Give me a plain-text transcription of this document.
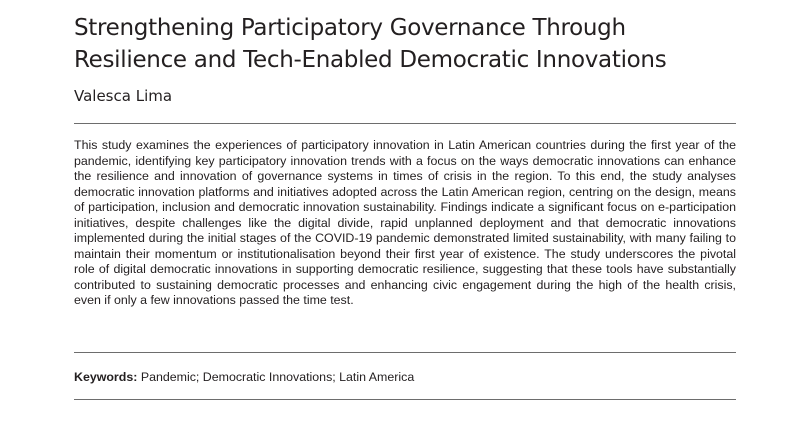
Strengthening Participatory Governance Through
Resilience and Tech-Enabled Democratic Innovations

Valesca Lima

This study examines the experiences of participatory innovation in Latin American countries during the first year of the pandemic, identifying key participatory innovation trends with a focus on the ways democratic innovations can enhance the resilience and innovation of governance systems in times of crisis in the region. To this end, the study analyses democratic innovation platforms and initiatives adopted across the Latin American region, centring on the design, means of participation, inclusion and democratic innovation sustainability. Findings indicate a significant focus on e-participation initiatives, despite challenges like the digital divide, rapid unplanned deployment and that democratic innovations implemented during the initial stages of the COVID-19 pandemic demonstrated limited sustainability, with many failing to maintain their momentum or institutionalisation beyond their first year of existence. The study underscores the pivotal role of digital democratic innovations in supporting democratic resilience, suggesting that these tools have substantially contributed to sustaining democratic processes and enhancing civic engagement during the high of the health crisis, even if only a few innovations passed the time test.

Keywords: Pandemic; Democratic Innovations; Latin America
